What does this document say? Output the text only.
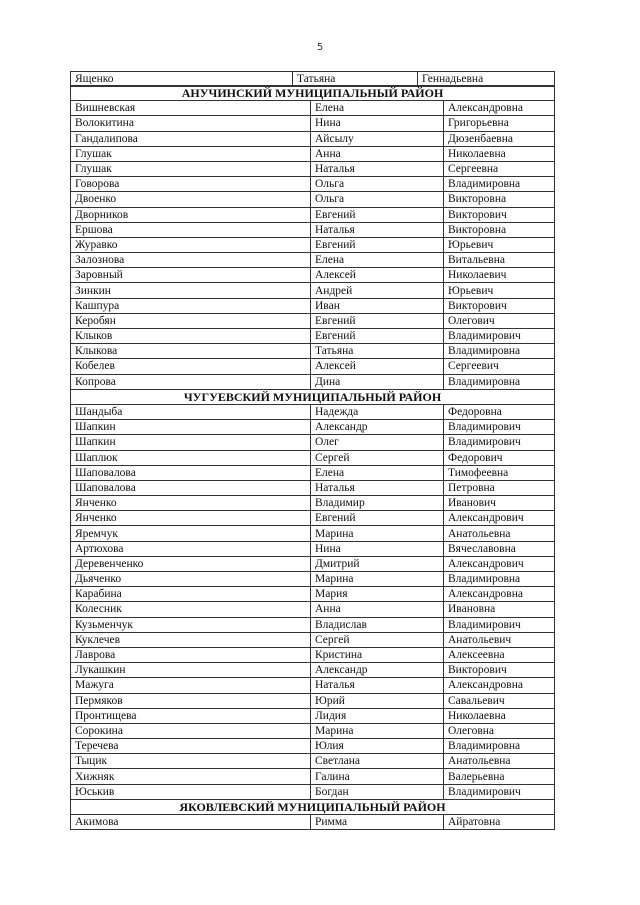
5
Ященко	Татьяна	Геннадьевна
АНУЧИНСКИЙ МУНИЦИПАЛЬНЫЙ РАЙОН		
Вишневская	Елена	Александровна
Волокитина	Нина	Григорьевна
Гандалипова	Айсылу	Дюзенбаевна
Глушак	Анна	Николаевна
Глушак	Наталья	Сергеевна
Говорова	Ольга	Владимировна
Двоенко	Ольга	Викторовна
Дворников	Евгений	Викторович
Ершова	Наталья	Викторовна
Журавко	Евгений	Юрьевич
Залознова	Елена	Витальевна
Заровный	Алексей	Николаевич
Зинкин	Андрей	Юрьевич
Кашпура	Иван	Викторович
Керобян	Евгений	Олегович
Клыков	Евгений	Владимирович
Клыкова	Татьяна	Владимировна
Кобелев	Алексей	Сергеевич
Копрова	Дина	Владимировна
ЧУГУЕВСКИЙ МУНИЦИПАЛЬНЫЙ РАЙОН		
Шандыба	Надежда	Федоровна
Шапкин	Александр	Владимирович
Шапкин	Олег	Владимирович
Шаплюк	Сергей	Федорович
Шаповалова	Елена	Тимофеевна
Шаповалова	Наталья	Петровна
Янченко	Владимир	Иванович
Янченко	Евгений	Александрович
Яремчук	Марина	Анатольевна
Артюхова	Нина	Вячеславовна
Деревенченко	Дмитрий	Александрович
Дьяченко	Марина	Владимировна
Карабина	Мария	Александровна
Колесник	Анна	Ивановна
Кузьменчук	Владислав	Владимирович
Куклечев	Сергей	Анатольевич
Лаврова	Кристина	Алексеевна
Лукашкин	Александр	Викторович
Мажуга	Наталья	Александровна
Пермяков	Юрий	Савальевич
Пронтищева	Лидия	Николаевна
Сорокина	Марина	Олеговна
Теречева	Юлия	Владимировна
Тыцик	Светлана	Анатольевна
Хижняк	Галина	Валерьевна
Юськив	Богдан	Владимирович
ЯКОВЛЕВСКИЙ МУНИЦИПАЛЬНЫЙ РАЙОН		
Акимова	Римма	Айратовна
